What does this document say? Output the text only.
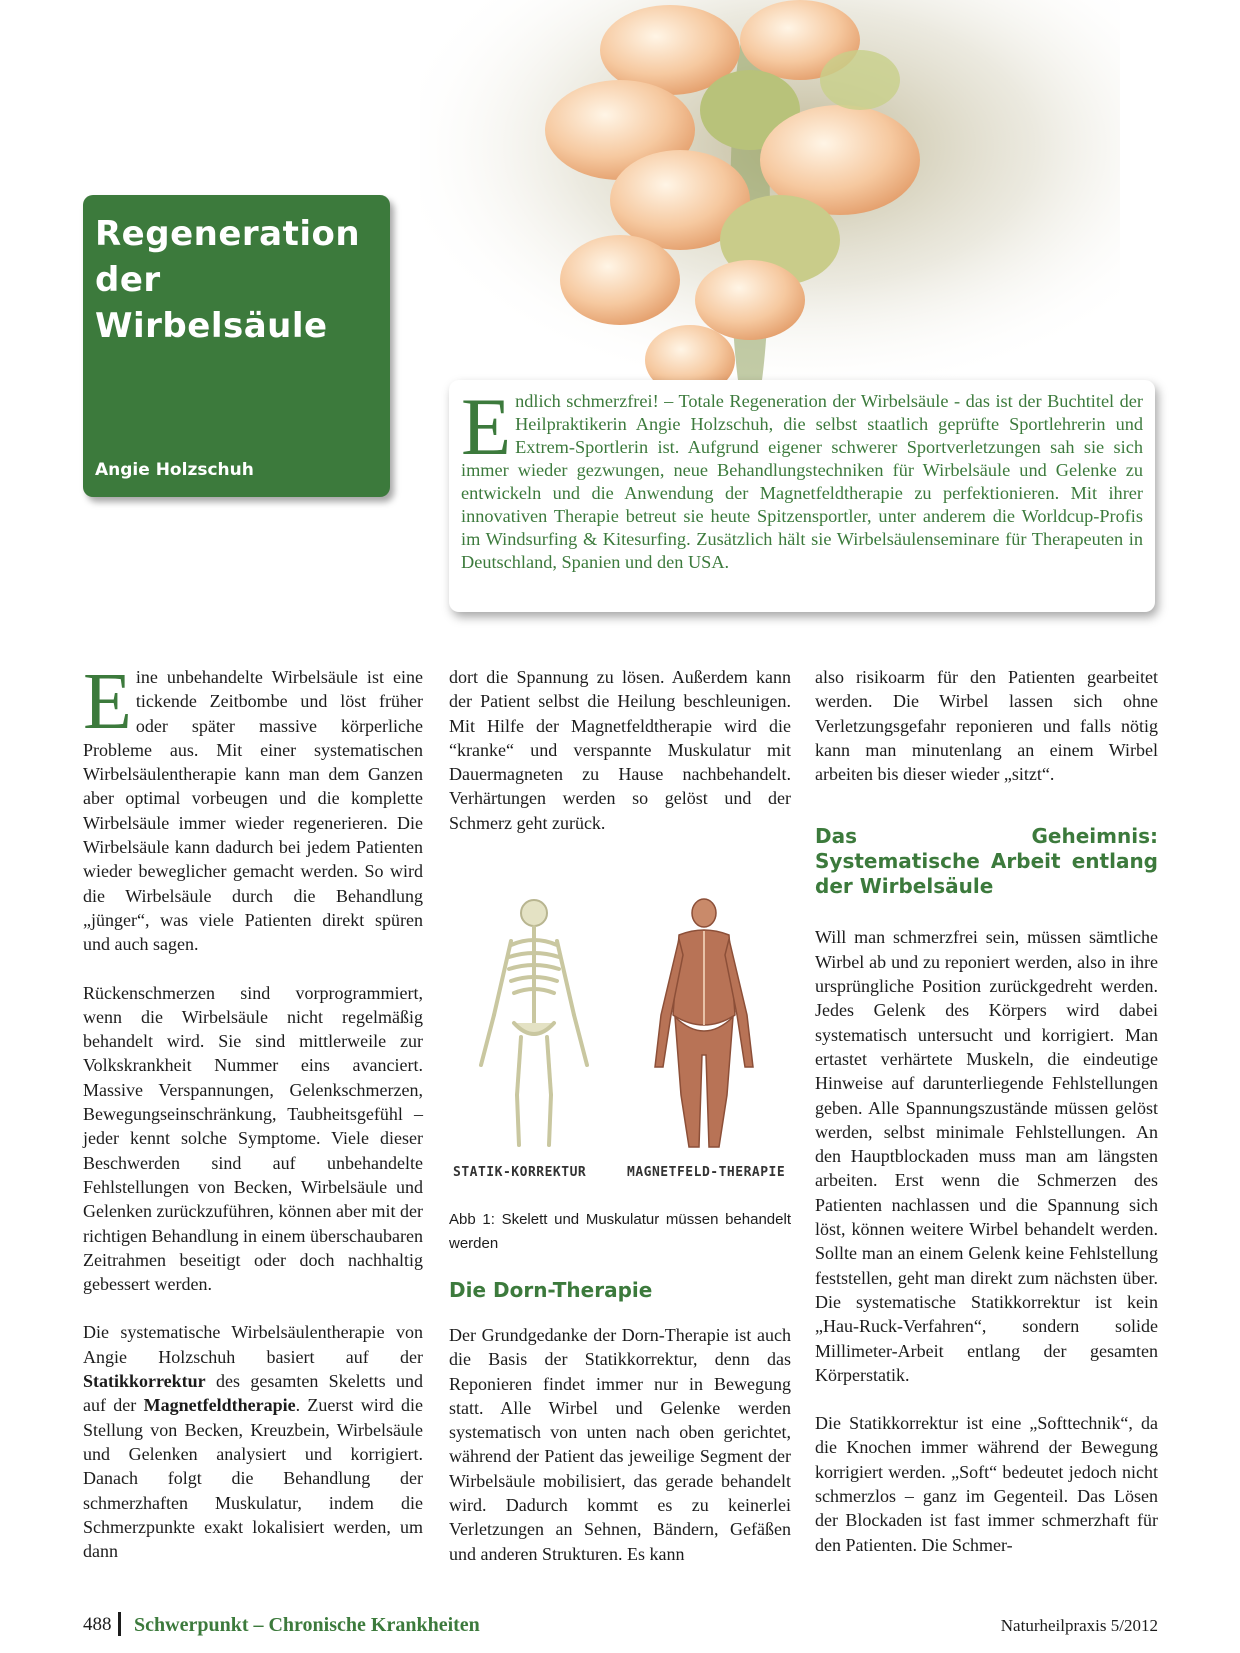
Regeneration
der Wirbelsäule
Angie Holzschuh	Endlich schmerzfrei! – Totale Regeneration der Wirbelsäule - das ist der Buchtitel der Heilpraktikerin Angie Holzschuh, die selbst staatlich geprüfte Sportlehrerin und Extrem-Sportlerin ist. Aufgrund eigener schwerer Sportverletzungen sah sie sich immer wieder gezwungen, neue Behandlungstechniken für Wirbelsäule und Gelenke zu entwickeln und die Anwendung der Magnetfeldtherapie zu perfektionieren. Mit ihrer innovativen Therapie betreut sie heute Spitzensportler, unter anderem die Worldcup-Profis im Windsurfing & Kitesurfing. Zusätzlich hält sie Wirbelsäulenseminare für Therapeuten in Deutschland, Spanien und den USA.

Eine unbehandelte Wirbelsäule ist eine tickende Zeitbombe und löst früher oder später massive körperliche Probleme aus. Mit einer systematischen Wirbelsäulentherapie kann man dem Ganzen aber optimal vorbeugen und die komplette Wirbelsäule immer wieder regenerieren. Die Wirbelsäule kann dadurch bei jedem Patienten wieder beweglicher gemacht werden. So wird die Wirbelsäule durch die Behandlung „jünger“, was viele Patienten direkt spüren und auch sagen.

Rückenschmerzen sind vorprogrammiert, wenn die Wirbelsäule nicht regelmäßig behandelt wird. Sie sind mittlerweile zur Volkskrankheit Nummer eins avanciert. Massive Verspannungen, Gelenkschmerzen, Bewegungseinschränkung, Taubheitsgefühl – jeder kennt solche Symptome. Viele dieser Beschwerden sind auf unbehandelte Fehlstellungen von Becken, Wirbelsäule und Gelenken zurückzuführen, können aber mit der richtigen Behandlung in einem überschaubaren Zeitrahmen beseitigt oder doch nachhaltig gebessert werden.

Die systematische Wirbelsäulentherapie von Angie Holzschuh basiert auf der Statikkorrektur des gesamten Skeletts und auf der Magnetfeldtherapie. Zuerst wird die Stellung von Becken, Kreuzbein, Wirbelsäule und Gelenken analysiert und korrigiert. Danach folgt die Behandlung der schmerzhaften Muskulatur, indem die Schmerzpunkte exakt lokalisiert werden, um dann

dort die Spannung zu lösen. Außerdem kann der Patient selbst die Heilung beschleunigen. Mit Hilfe der Magnetfeldtherapie wird die “kranke“ und verspannte Muskulatur mit Dauermagneten zu Hause nachbehandelt. Verhärtungen werden so gelöst und der Schmerz geht zurück.

STATIK-KORREKTUR	MAGNETFELD-THERAPIE
Abb 1: Skelett und Muskulatur müssen behandelt werden
Die Dorn-Therapie

Der Grundgedanke der Dorn-Therapie ist auch die Basis der Statikkorrektur, denn das Reponieren findet immer nur in Bewegung statt. Alle Wirbel und Gelenke werden systematisch von unten nach oben gerichtet, während der Patient das jeweilige Segment der Wirbelsäule mobilisiert, das gerade behandelt wird. Dadurch kommt es zu keinerlei Verletzungen an Sehnen, Bändern, Gefäßen und anderen Strukturen. Es kann

also risikoarm für den Patienten gearbeitet werden. Die Wirbel lassen sich ohne Verletzungsgefahr reponieren und falls nötig kann man minutenlang an einem Wirbel arbeiten bis dieser wieder „sitzt“.

Das Geheimnis: Systematische Arbeit entlang der Wirbelsäule

Will man schmerzfrei sein, müssen sämtliche Wirbel ab und zu reponiert werden, also in ihre ursprüngliche Position zurückgedreht werden. Jedes Gelenk des Körpers wird dabei systematisch untersucht und korrigiert. Man ertastet verhärtete Muskeln, die eindeutige Hinweise auf darunterliegende Fehlstellungen geben. Alle Spannungszustände müssen gelöst werden, selbst minimale Fehlstellungen. An den Hauptblockaden muss man am längsten arbeiten. Erst wenn die Schmerzen des Patienten nachlassen und die Spannung sich löst, können weitere Wirbel behandelt werden. Sollte man an einem Gelenk keine Fehlstellung feststellen, geht man direkt zum nächsten über. Die systematische Statikkorrektur ist kein „Hau-Ruck-Verfahren“, sondern solide Millimeter-Arbeit entlang der gesamten Körperstatik.

Die Statikkorrektur ist eine „Softtechnik“, da die Knochen immer während der Bewegung korrigiert werden. „Soft“ bedeutet jedoch nicht schmerzlos – ganz im Gegenteil. Das Lösen der Blockaden ist fast immer schmerzhaft für den Patienten. Die Schmer-

488 Schwerpunkt – Chronische Krankheiten	Naturheilpraxis 5/2012
